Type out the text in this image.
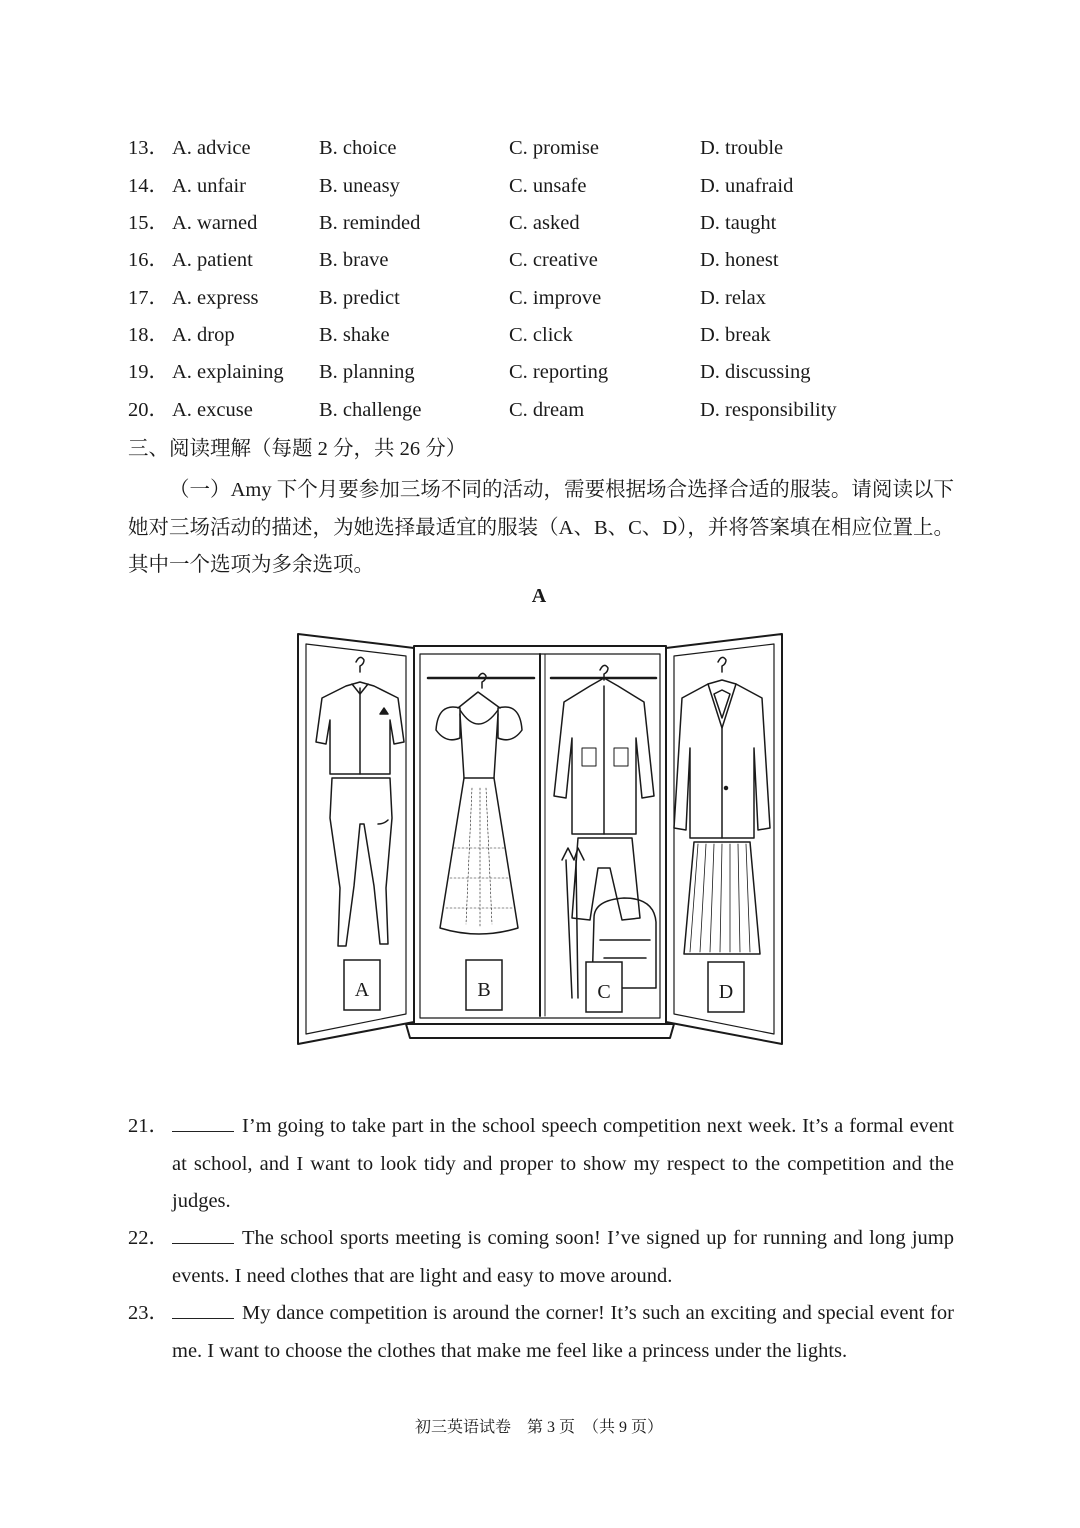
13． A. advice	B. choice	C. promise	D. trouble
14． A. unfair	B. uneasy	C. unsafe	D. unafraid
15． A. warned	B. reminded	C. asked	D. taught
16． A. patient	B. brave	C. creative	D. honest
17． A. express	B. predict	C. improve	D. relax
18． A. drop	B. shake	C. click	D. break
19． A. explaining B. planning	C. reporting	D. discussing
20． A. excuse	B. challenge	C. dream	D. responsibility
三、阅读理解（每题 2 分，共 26 分）
（一）Amy 下个月要参加三场不同的活动，需要根据场合选择合适的服装。请阅读以下她对三场活动的描述，为她选择最适宜的服装（A、B、C、D），并将答案填在相应位置上。其中一个选项为多余选项。
A
A	B	C	D
21．	I’m going to take part in the school speech competition next week. It’s a formal event at school, and I want to look tidy and proper to show my respect to the competition and the judges.
22．	The school sports meeting is coming soon! I’ve signed up for running and long jump events. I need clothes that are light and easy to move around.
23．	My dance competition is around the corner! It’s such an exciting and special event for me. I want to choose the clothes that make me feel like a princess under the lights.
初三英语试卷　第 3 页　（共 9 页）
